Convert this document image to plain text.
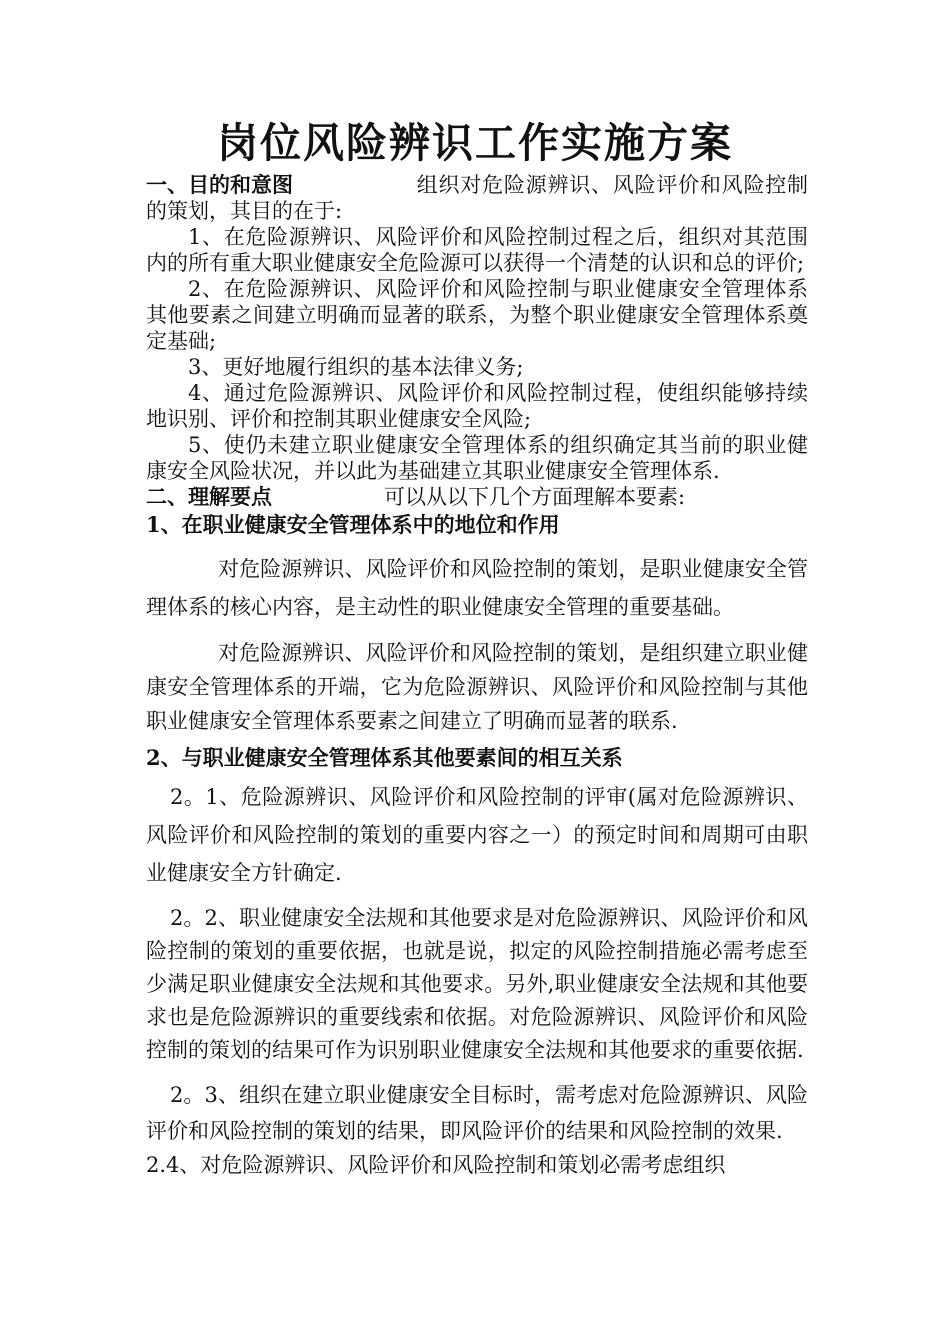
岗位风险辨识工作实施方案

一、目的和意图	组织对危险源辨识、风险评价和风险控制的策划，其目的在于:

1、在危险源辨识、风险评价和风险控制过程之后，组织对其范围内的所有重大职业健康安全危险源可以获得一个清楚的认识和总的评价;

2、在危险源辨识、风险评价和风险控制与职业健康安全管理体系其他要素之间建立明确而显著的联系，为整个职业健康安全管理体系奠定基础;

3、更好地履行组织的基本法律义务;

4、通过危险源辨识、风险评价和风险控制过程，使组织能够持续地识别、评价和控制其职业健康安全风险;

5、使仍未建立职业健康安全管理体系的组织确定其当前的职业健康安全风险状况，并以此为基础建立其职业健康安全管理体系.

二、理解要点	可以从以下几个方面理解本要素:

1、在职业健康安全管理体系中的地位和作用

对危险源辨识、风险评价和风险控制的策划，是职业健康安全管理体系的核心内容，是主动性的职业健康安全管理的重要基础。

对危险源辨识、风险评价和风险控制的策划，是组织建立职业健康安全管理体系的开端，它为危险源辨识、风险评价和风险控制与其他职业健康安全管理体系要素之间建立了明确而显著的联系.

2、与职业健康安全管理体系其他要素间的相互关系

2。1、危险源辨识、风险评价和风险控制的评审(属对危险源辨识、风险评价和风险控制的策划的重要内容之一）的预定时间和周期可由职业健康安全方针确定.

2。2、职业健康安全法规和其他要求是对危险源辨识、风险评价和风险控制的策划的重要依据，也就是说，拟定的风险控制措施必需考虑至少满足职业健康安全法规和其他要求。另外,职业健康安全法规和其他要求也是危险源辨识的重要线索和依据。对危险源辨识、风险评价和风险控制的策划的结果可作为识别职业健康安全法规和其他要求的重要依据.

2。3、组织在建立职业健康安全目标时，需考虑对危险源辨识、风险评价和风险控制的策划的结果，即风险评价的结果和风险控制的效果.

2.4、对危险源辨识、风险评价和风险控制和策划必需考虑组织
